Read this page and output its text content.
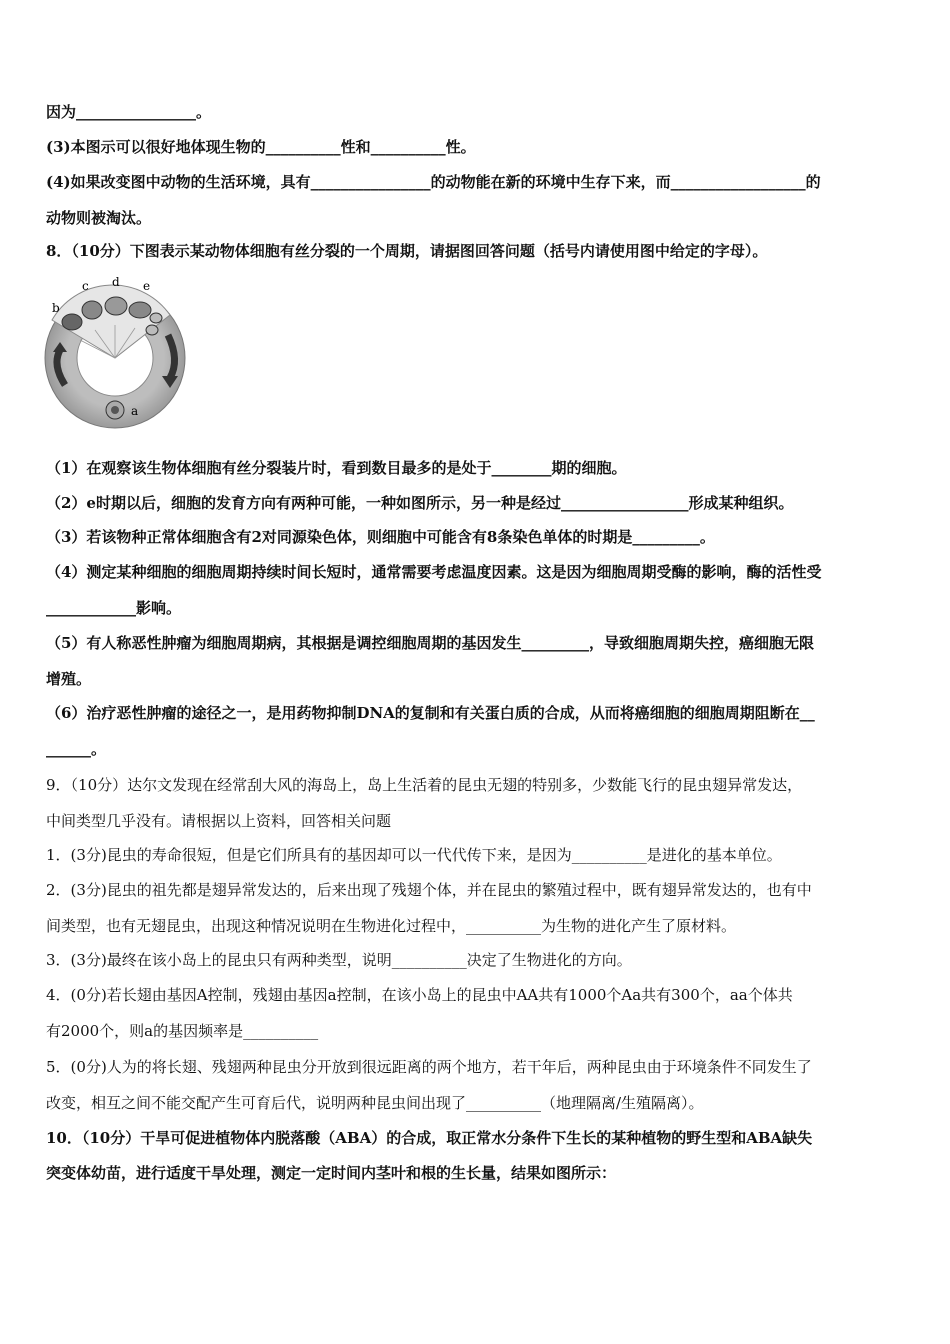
因为________________。
(3)本图示可以很好地体现生物的__________性和__________性。
(4)如果改变图中动物的生活环境，具有________________的动物能在新的环境中生存下来，而__________________的
动物则被淘汰。
8．（10分）下图表示某动物体细胞有丝分裂的一个周期，请据图回答问题（括号内请使用图中给定的字母）。
b
c d e
a
（1）在观察该生物体细胞有丝分裂装片时，看到数目最多的是处于________期的细胞。
（2）e时期以后，细胞的发育方向有两种可能，一种如图所示，另一种是经过_________________形成某种组织。
（3）若该物种正常体细胞含有2对同源染色体，则细胞中可能含有8条染色单体的时期是_________。
（4）测定某种细胞的细胞周期持续时间长短时，通常需要考虑温度因素。这是因为细胞周期受酶的影响，酶的活性受
____________影响。
（5）有人称恶性肿瘤为细胞周期病，其根据是调控细胞周期的基因发生_________，导致细胞周期失控，癌细胞无限
增殖。
（6）治疗恶性肿瘤的途径之一，是用药物抑制DNA的复制和有关蛋白质的合成，从而将癌细胞的细胞周期阻断在__
______。
9．（10分）达尔文发现在经常刮大风的海岛上，岛上生活着的昆虫无翅的特别多，少数能飞行的昆虫翅异常发达，
中间类型几乎没有。请根据以上资料，回答相关问题
1．(3分)昆虫的寿命很短，但是它们所具有的基因却可以一代代传下来，是因为__________是进化的基本单位。
2．(3分)昆虫的祖先都是翅异常发达的，后来出现了残翅个体，并在昆虫的繁殖过程中，既有翅异常发达的，也有中
间类型，也有无翅昆虫，出现这种情况说明在生物进化过程中，__________为生物的进化产生了原材料。
3．(3分)最终在该小岛上的昆虫只有两种类型，说明__________决定了生物进化的方向。
4．(0分)若长翅由基因A控制，残翅由基因a控制，在该小岛上的昆虫中AA共有1000个Aa共有300个，aa个体共
有2000个，则a的基因频率是__________
5．(0分)人为的将长翅、残翅两种昆虫分开放到很远距离的两个地方，若干年后，两种昆虫由于环境条件不同发生了
改变，相互之间不能交配产生可育后代，说明两种昆虫间出现了__________（地理隔离/生殖隔离）。
10．（10分）干旱可促进植物体内脱落酸（ABA）的合成，取正常水分条件下生长的某种植物的野生型和ABA缺失
突变体幼苗，进行适度干旱处理，测定一定时间内茎叶和根的生长量，结果如图所示：
